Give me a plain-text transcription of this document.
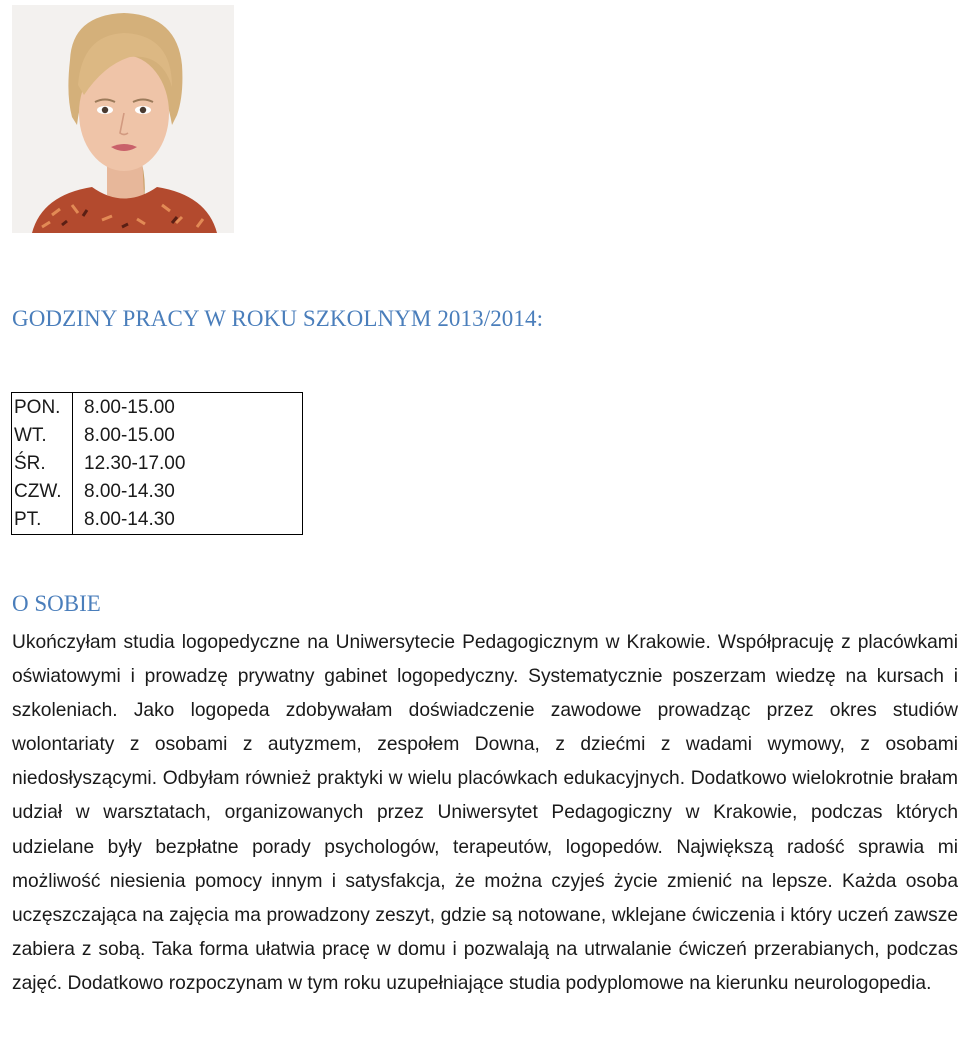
GODZINY PRACY W ROKU SZKOLNYM 2013/2014:
PON.	8.00-15.00
WT.	8.00-15.00
ŚR.	12.30-17.00
CZW.	8.00-14.30
PT.	8.00-14.30
O SOBIE

Ukończyłam studia logopedyczne na Uniwersytecie Pedagogicznym w Krakowie. Współpracuję z placówkami oświatowymi i prowadzę prywatny gabinet logopedyczny. Systematycznie poszerzam wiedzę na kursach i szkoleniach. Jako logopeda zdobywałam doświadczenie zawodowe prowadząc przez okres studiów wolontariaty z osobami z autyzmem, zespołem Downa, z dziećmi z wadami wymowy, z osobami niedosłyszącymi. Odbyłam również praktyki w wielu placówkach edukacyjnych. Dodatkowo wielokrotnie brałam udział w warsztatach, organizowanych przez Uniwersytet Pedagogiczny w Krakowie, podczas których udzielane były bezpłatne porady psychologów, terapeutów, logopedów. Największą radość sprawia mi możliwość niesienia pomocy innym i satysfakcja, że można czyjeś życie zmienić na lepsze. Każda osoba uczęszczająca na zajęcia ma prowadzony zeszyt, gdzie są notowane, wklejane ćwiczenia i który uczeń zawsze zabiera z sobą. Taka forma ułatwia pracę w domu i pozwalają na utrwalanie ćwiczeń przerabianych, podczas zajęć. Dodatkowo rozpoczynam w tym roku uzupełniające studia podyplomowe na kierunku neurologopedia.
